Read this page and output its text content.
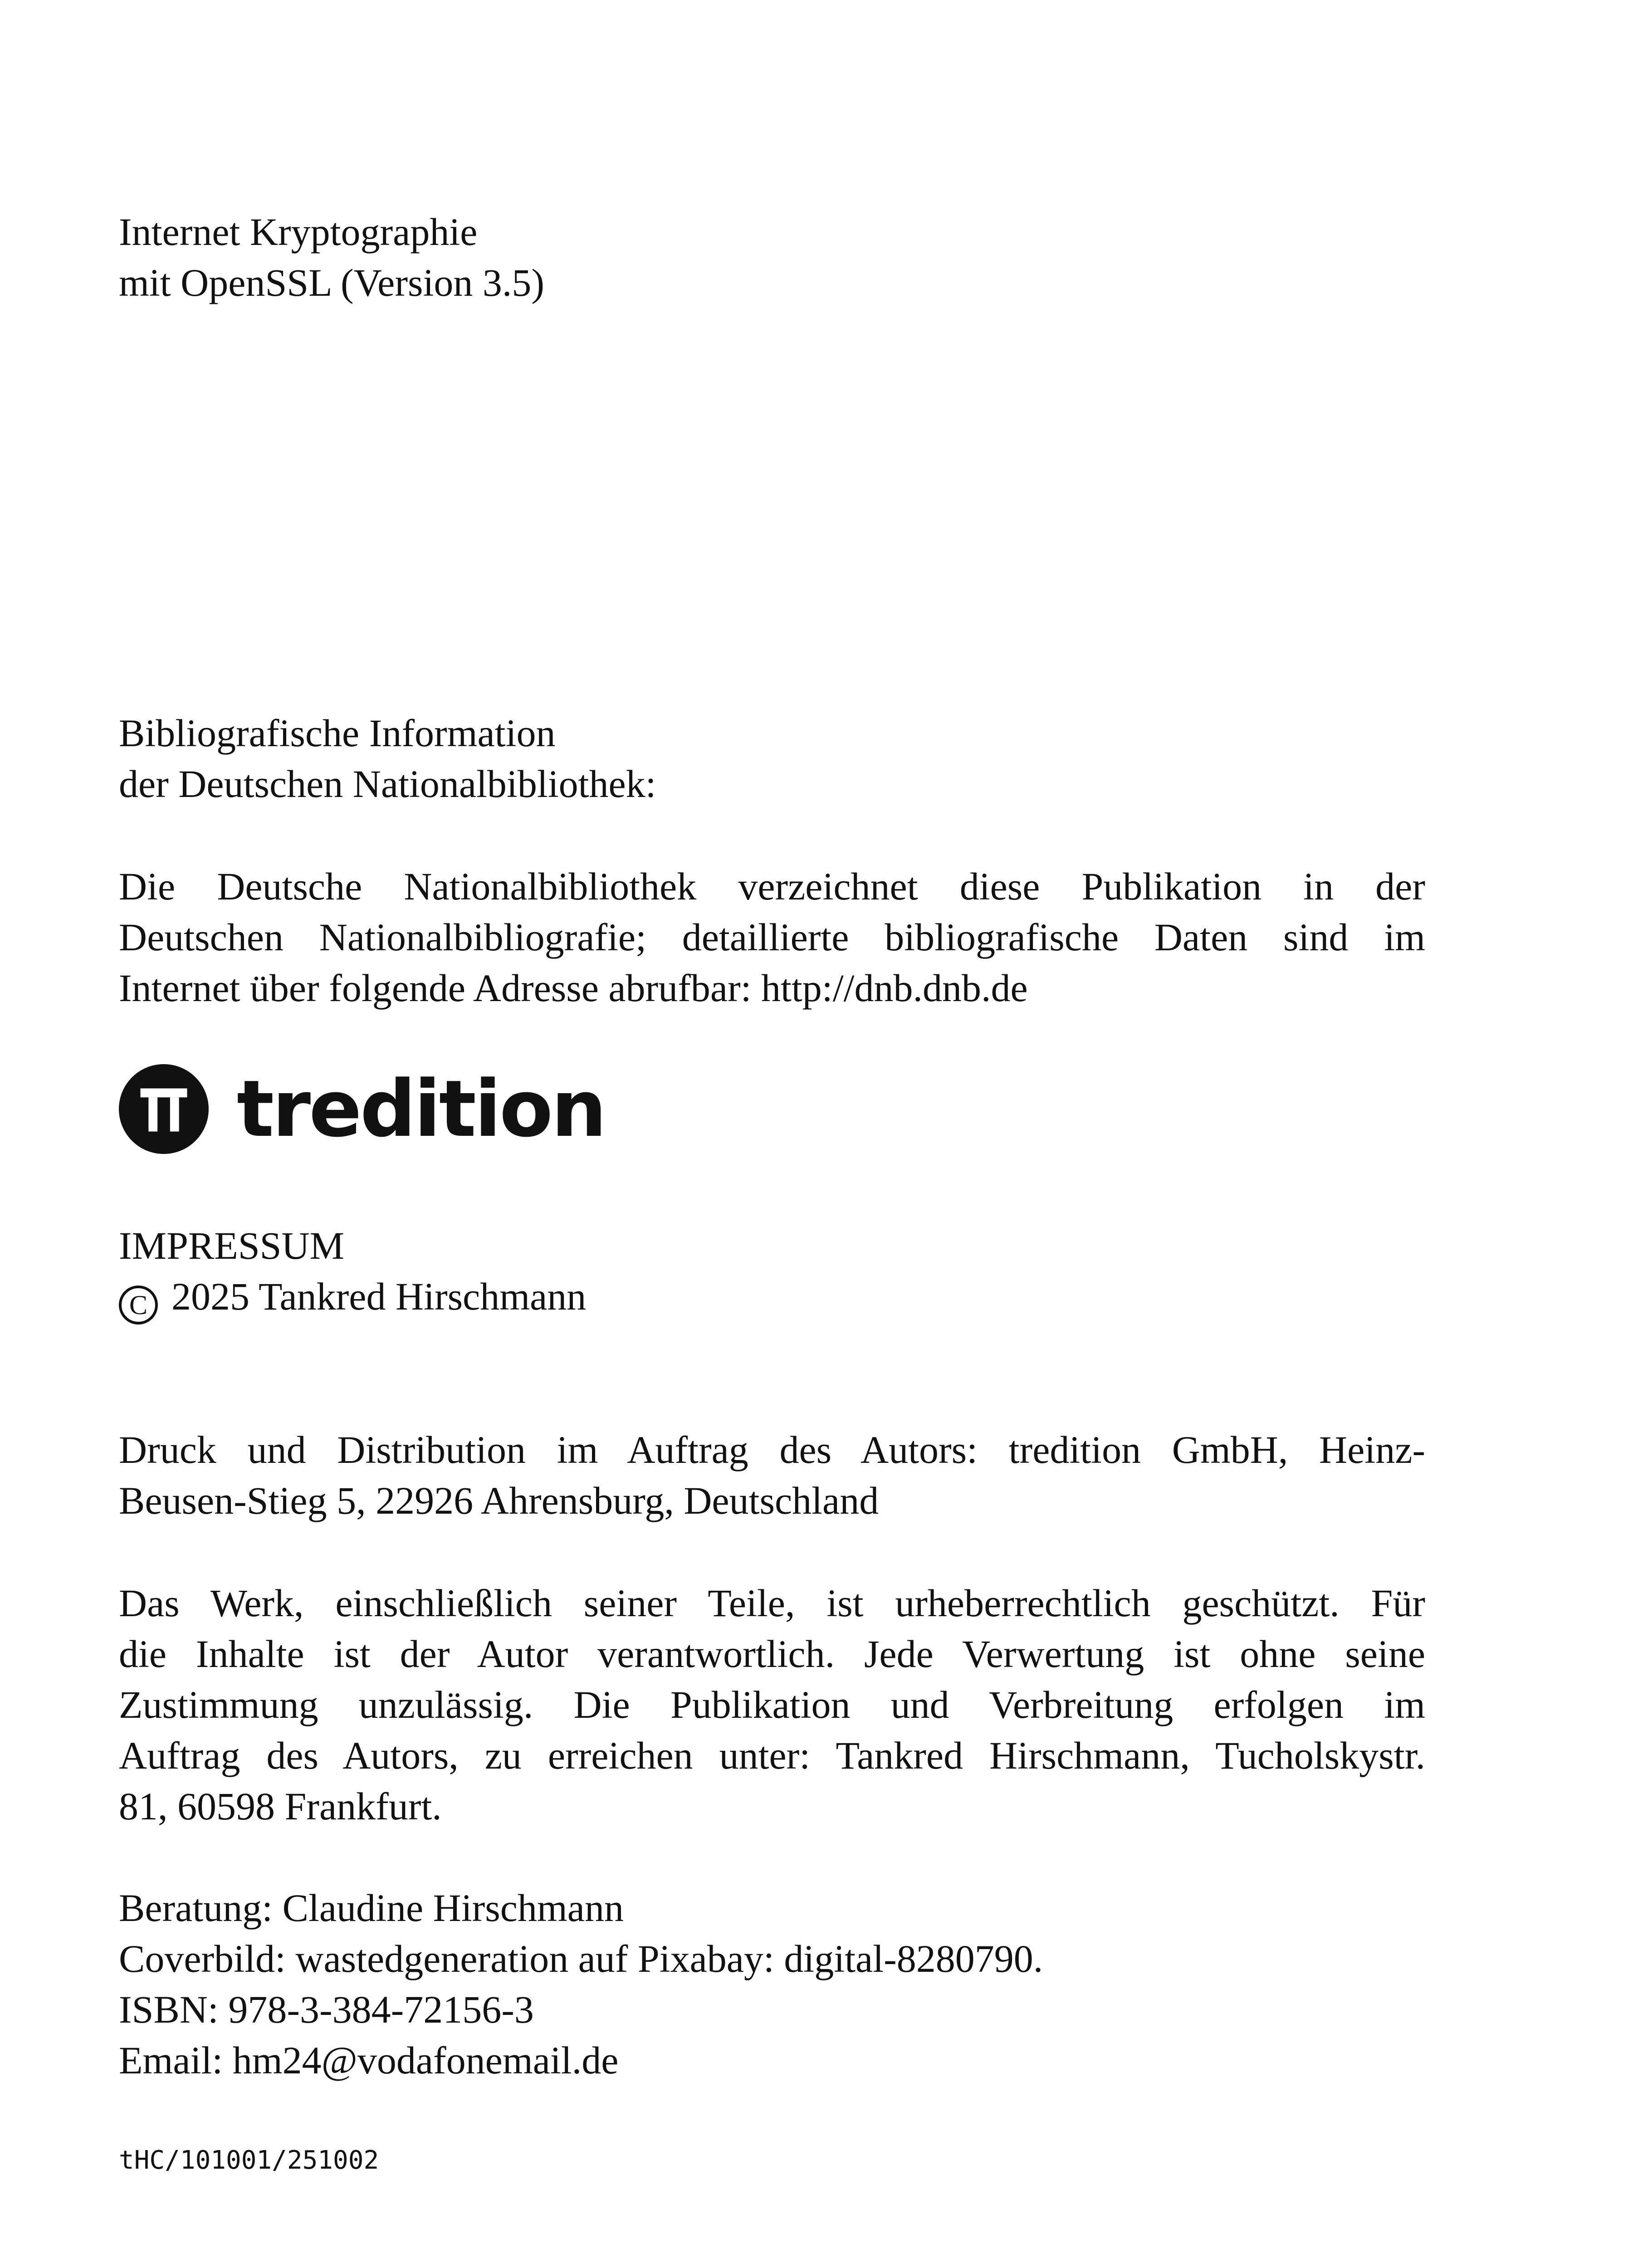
Internet Kryptographie

mit OpenSSL (Version 3.5)

Bibliografische Information

der Deutschen Nationalbibliothek:

Die Deutsche Nationalbibliothek verzeichnet diese Publikation in der

Deutschen Nationalbibliografie; detaillierte bibliografische Daten sind im

Internet über folgende Adresse abrufbar: http://dnb.dnb.de

tredition

IMPRESSUM

C 2025 Tankred Hirschmann

Druck und Distribution im Auftrag des Autors: tredition GmbH, Heinz-

Beusen-Stieg 5, 22926 Ahrensburg, Deutschland

Das Werk, einschließlich seiner Teile, ist urheberrechtlich geschützt. Für

die Inhalte ist der Autor verantwortlich. Jede Verwertung ist ohne seine

Zustimmung unzulässig. Die Publikation und Verbreitung erfolgen im

Auftrag des Autors, zu erreichen unter: Tankred Hirschmann, Tucholskystr.

81, 60598 Frankfurt.

Beratung: Claudine Hirschmann

Coverbild: wastedgeneration auf Pixabay: digital-8280790.

ISBN: 978-3-384-72156-3

Email: hm24@vodafonemail.de

tHC/101001/251002
